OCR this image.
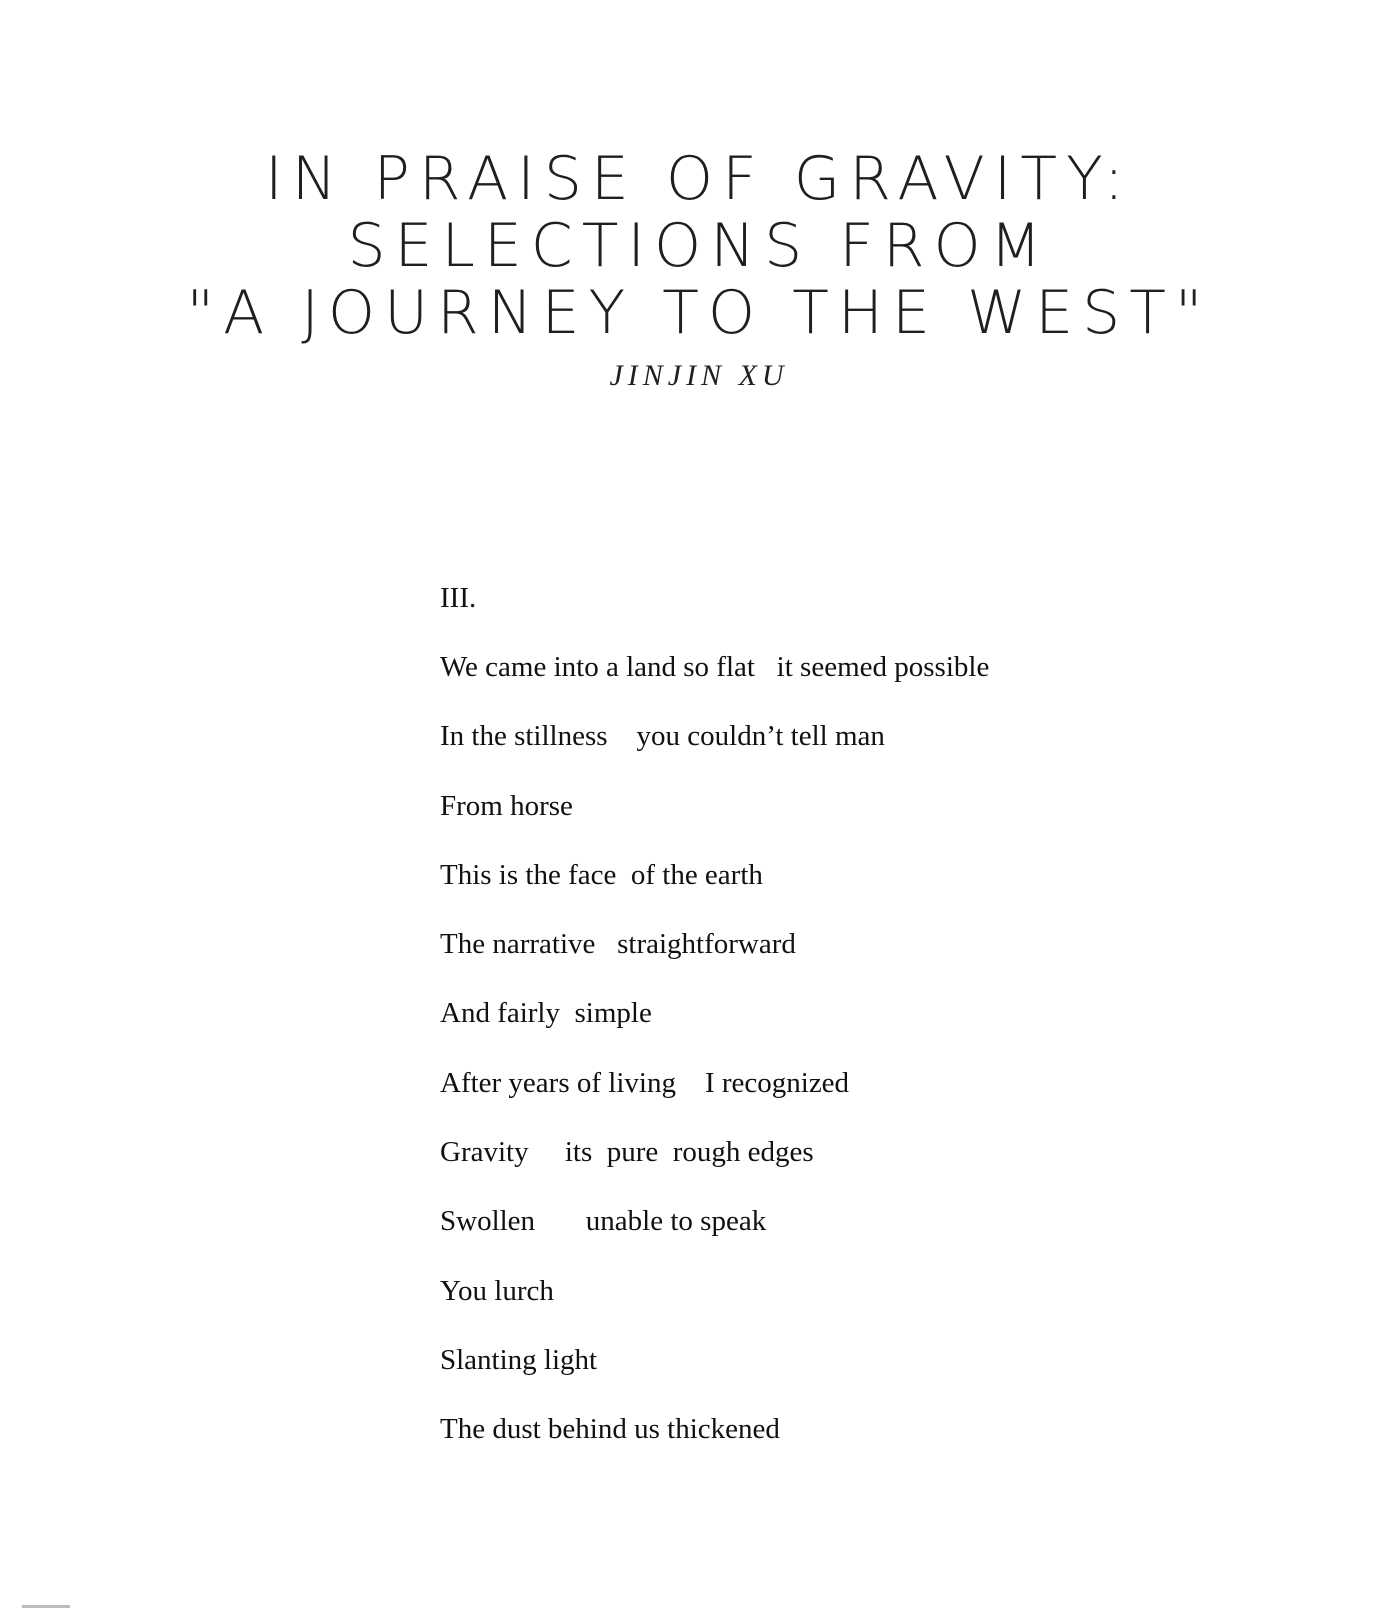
IN PRAISE OF GRAVITY:
SELECTIONS FROM
"A JOURNEY TO THE WEST"
JINJIN XU
III.
We came into a land so flat   it seemed possible
In the stillness    you couldn’t tell man
From horse
This is the face  of the earth
The narrative   straightforward
And fairly  simple
After years of living    I recognized
Gravity     its  pure  rough edges
Swollen       unable to speak
You lurch
Slanting light
The dust behind us thickened
